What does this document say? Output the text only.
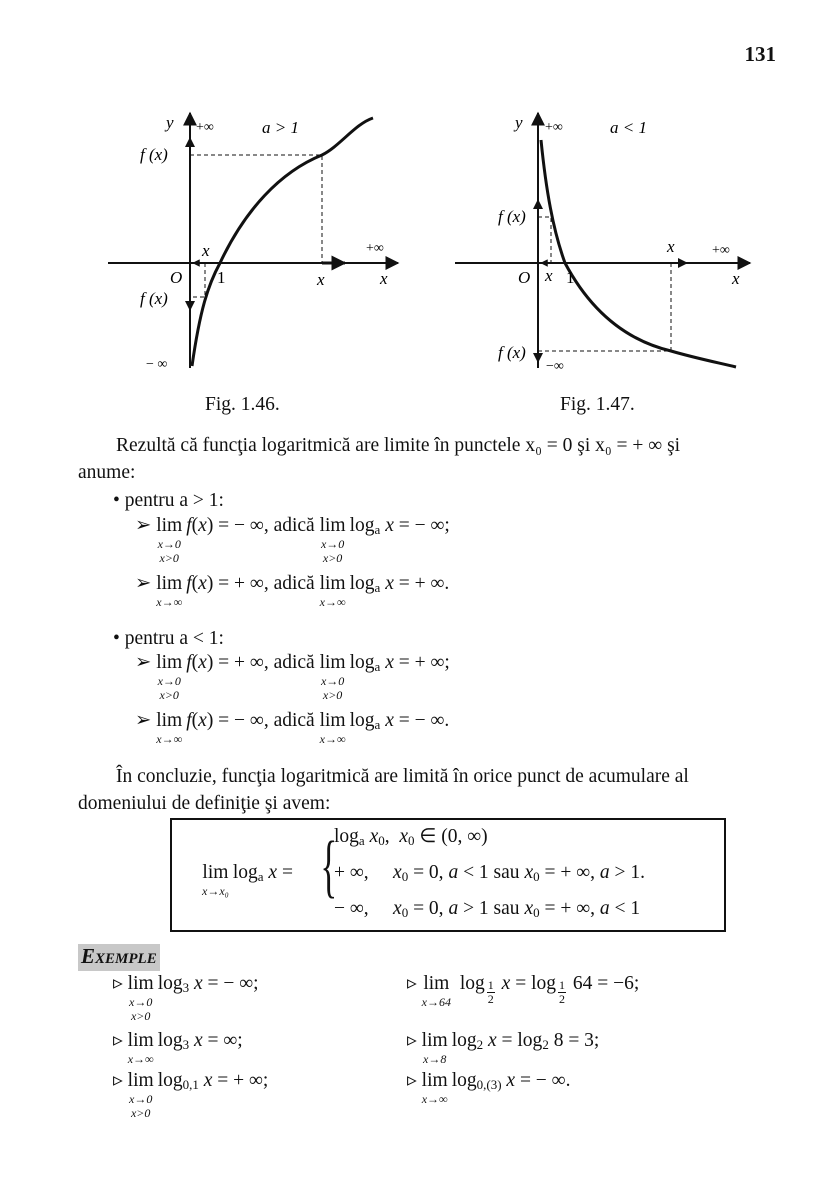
131
y +∞	a > 1
f (x)
x
O 1	x
+∞
x
f (x)
− ∞
y +∞	a < 1
f (x)
O x 1
x	+∞
x
f (x)
−∞
Fig. 1.46.	Fig. 1.47.
Rezultă că funcţia logaritmică are limite în punctele x₀ = 0 şi x₀ = + ∞ şi
anume:
• pentru a > 1:
➢ lim
x→0
x>0
f ( x ) = − ∞, adică lim
x→0
x>0
log a x = − ∞;
➢ lim
x→∞
f ( x ) = + ∞, adică lim
x→∞
log a x = + ∞.
• pentru a < 1:
➢ lim
x→0
x>0
f ( x ) = + ∞, adică lim
x→0
x>0
log a x = + ∞;
➢ lim
x→∞
f ( x ) = − ∞, adică lim
x→∞
log a x = − ∞.
În concluzie, funcţia logaritmică are limită în orice punct de acumulare al
domeniului de definiţie şi avem:
lim
x→x₀
log a x = {
log a x 0 , x 0 ∈ (0, ∞)
+ ∞, x 0 = 0, a < 1 sau x 0 = + ∞, a > 1.
− ∞, x 0 = 0, a > 1 sau x 0 = + ∞, a < 1
EXEMPLE
▹ lim
x→0
x>0
log 3 x = − ∞;	▹ lim
x→64
$\log \frac{1}{2}$ $x = \log \frac{1}{2} 64 = -6$;
▹ lim
x→∞
log 3 x = ∞;	▹ lim
x→8
log 2 x = log 2 8 = 3;
▹ lim
x→0
x>0
log 0,1 x = + ∞;	▹ lim
x→∞
log 0,(3) x = − ∞.
